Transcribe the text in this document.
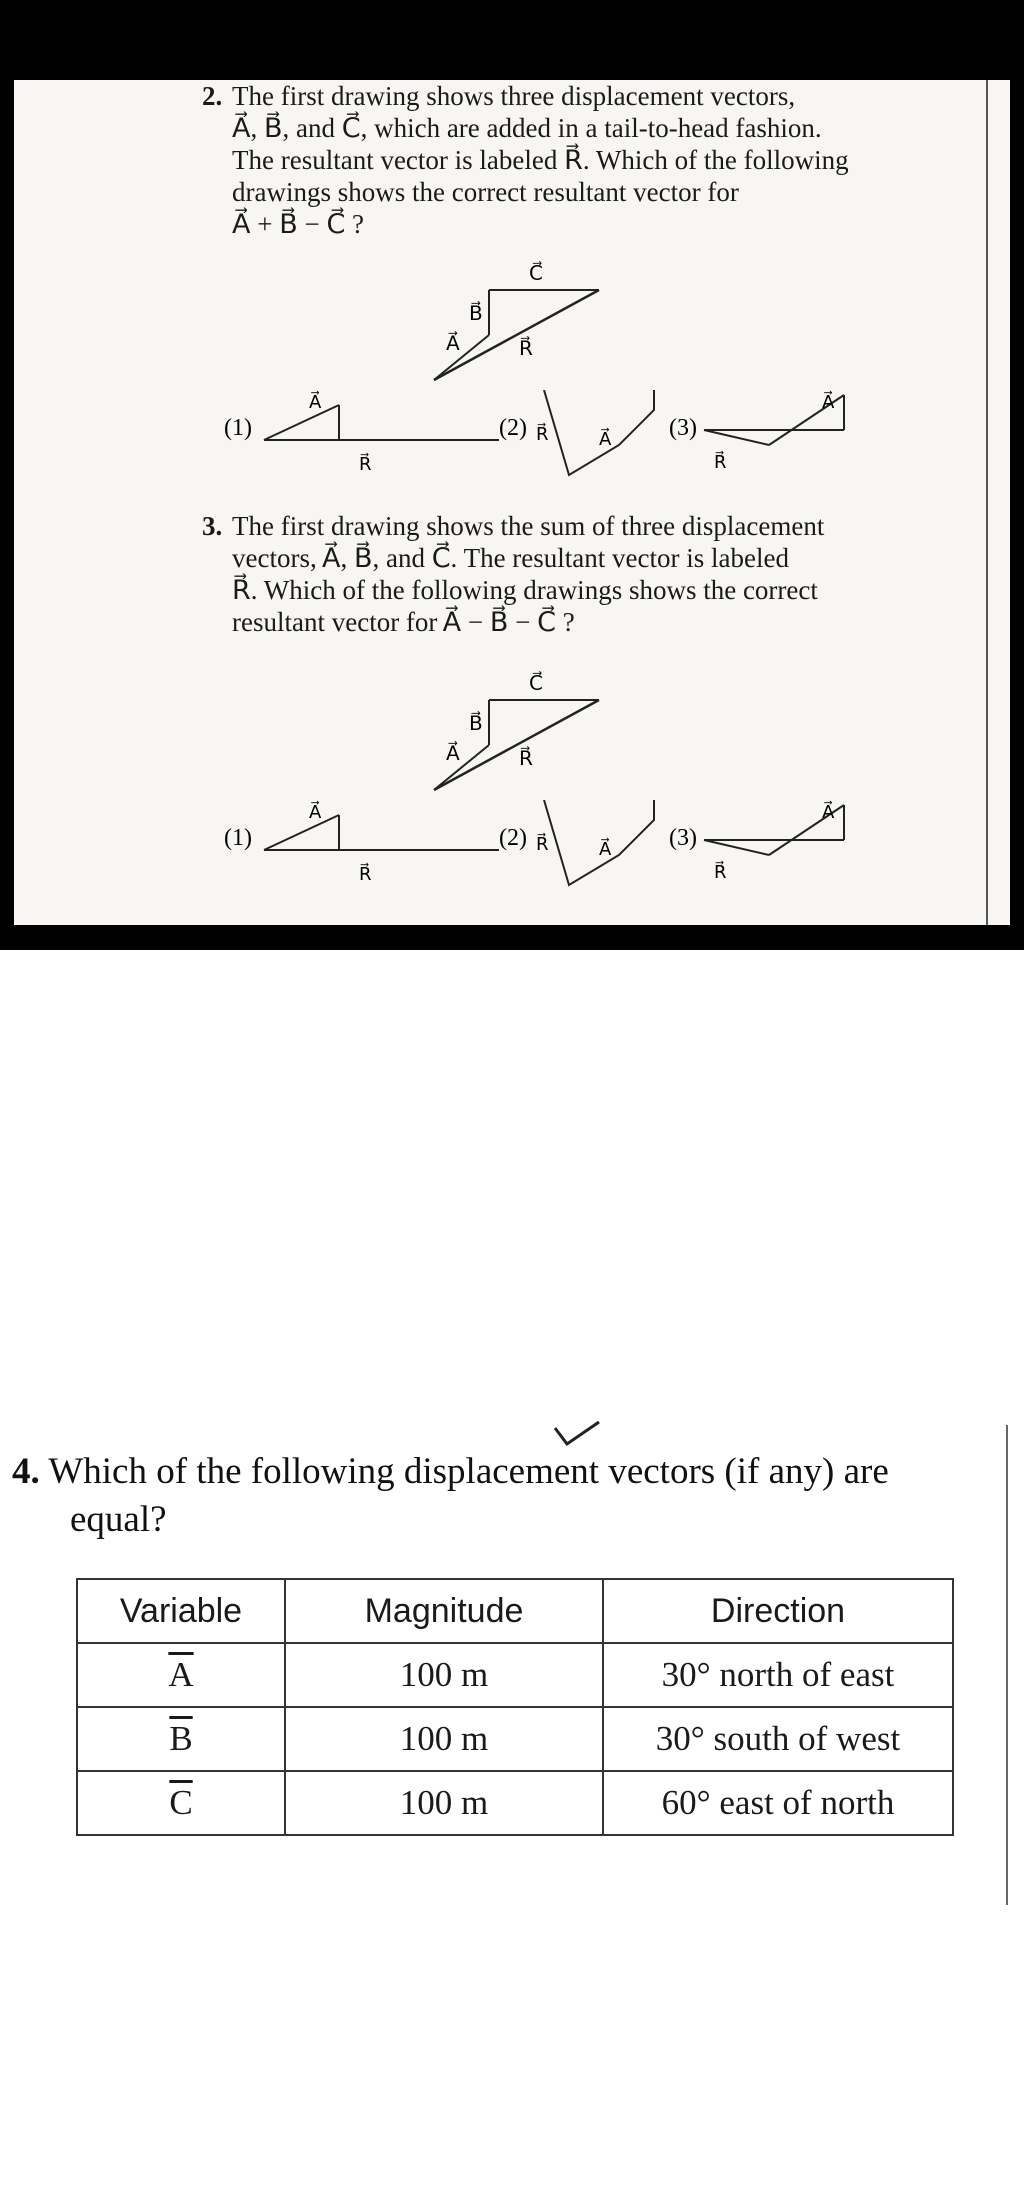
2. The first drawing shows three displacement vectors,

A⃗, B⃗, and C⃗, which are added in a tail-to-head fashion.

The resultant vector is labeled R⃗. Which of the following

drawings shows the correct resultant vector for

A⃗ + B⃗ − C⃗ ?

A⃗
B⃗
C⃗
R⃗
(1)
A⃗
R⃗
(2) R⃗	A⃗ (3)
A⃗
R⃗
3. The first drawing shows the sum of three displacement

vectors, A⃗, B⃗, and C⃗. The resultant vector is labeled

R⃗. Which of the following drawings shows the correct

resultant vector for A⃗ − B⃗ − C⃗ ?

A⃗
B⃗
C⃗
R⃗
(1)
A⃗
R⃗
(2) R⃗	A⃗ (3)
A⃗
R⃗
4. Which of the following displacement vectors (if any) are
equal?
Variable	Magnitude	Direction
$\overline{A}$	100 m	30° north of east
$\overline{B}$	100 m	30° south of west
$\overline{C}$	100 m	60° east of north
